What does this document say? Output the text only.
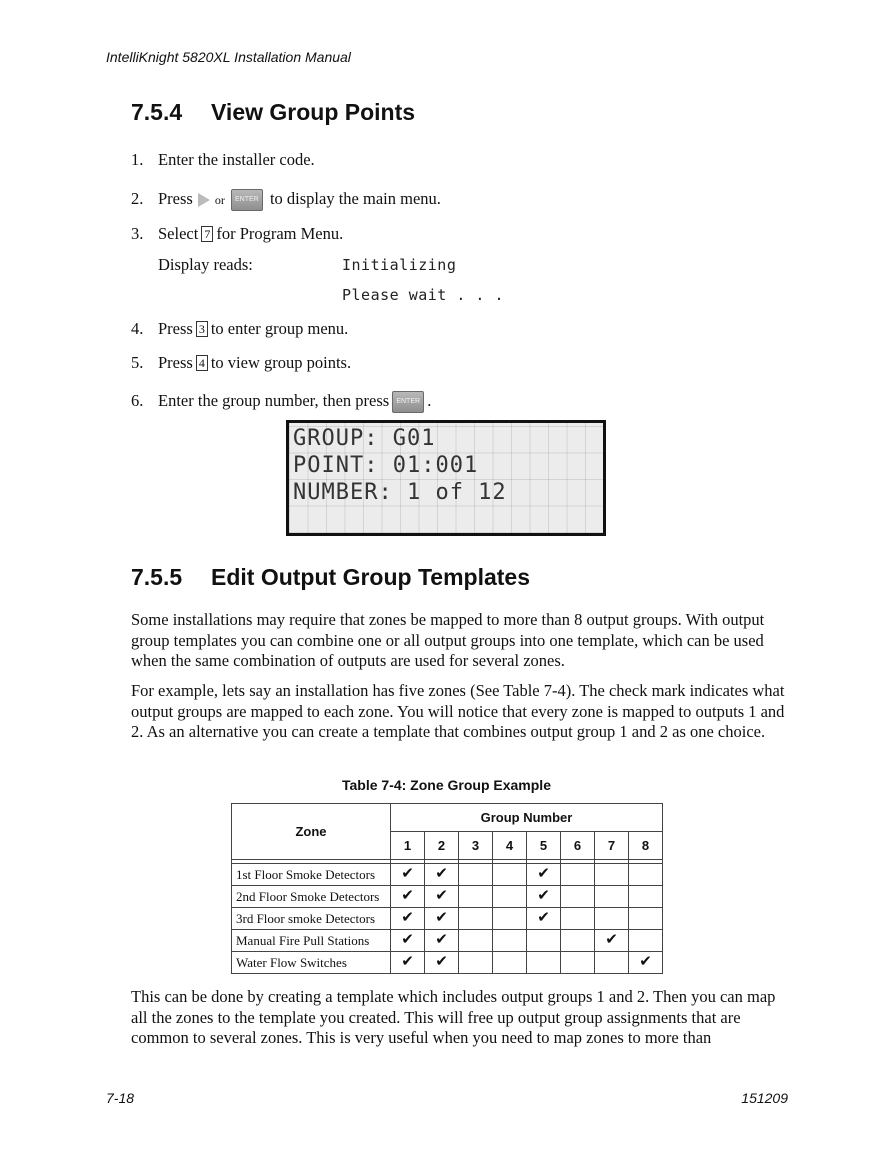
IntelliKnight 5820XL Installation Manual
7.5.4 View Group Points
1. Enter the installer code.
2. Press or ENTER to display the main menu.
3. Select 7 for Program Menu.
Display reads:	Initializing
Please wait . . .
4. Press 3 to enter group menu.
5. Press 4 to view group points.
6. Enter the group number, then press ENTER .
GROUP: G01
POINT: 01:001
NUMBER: 1 of 12
7.5.5 Edit Output Group Templates

Some installations may require that zones be mapped to more than 8 output groups. With output group templates you can combine one or all output groups into one template, which can be used when the same combination of outputs are used for several zones.

For example, lets say an installation has five zones (See Table 7-4). The check mark indicates what output groups are mapped to each zone. You will notice that every zone is mapped to outputs 1 and 2. As an alternative you can create a template that combines output group 1 and 2 as one choice.

Table 7-4: Zone Group Example
Zone	Group Number							
	1	2	3	4	5	6	7	8

1st Floor Smoke Detectors	✔	✔			✔			
2nd Floor Smoke Detectors	✔	✔			✔			
3rd Floor smoke Detectors	✔	✔			✔			
Manual Fire Pull Stations	✔	✔					✔	
Water Flow Switches	✔	✔						✔

This can be done by creating a template which includes output groups 1 and 2. Then you can map all the zones to the template you created. This will free up output group assignments that are common to several zones. This is very useful when you need to map zones to more than

7-18	151209
